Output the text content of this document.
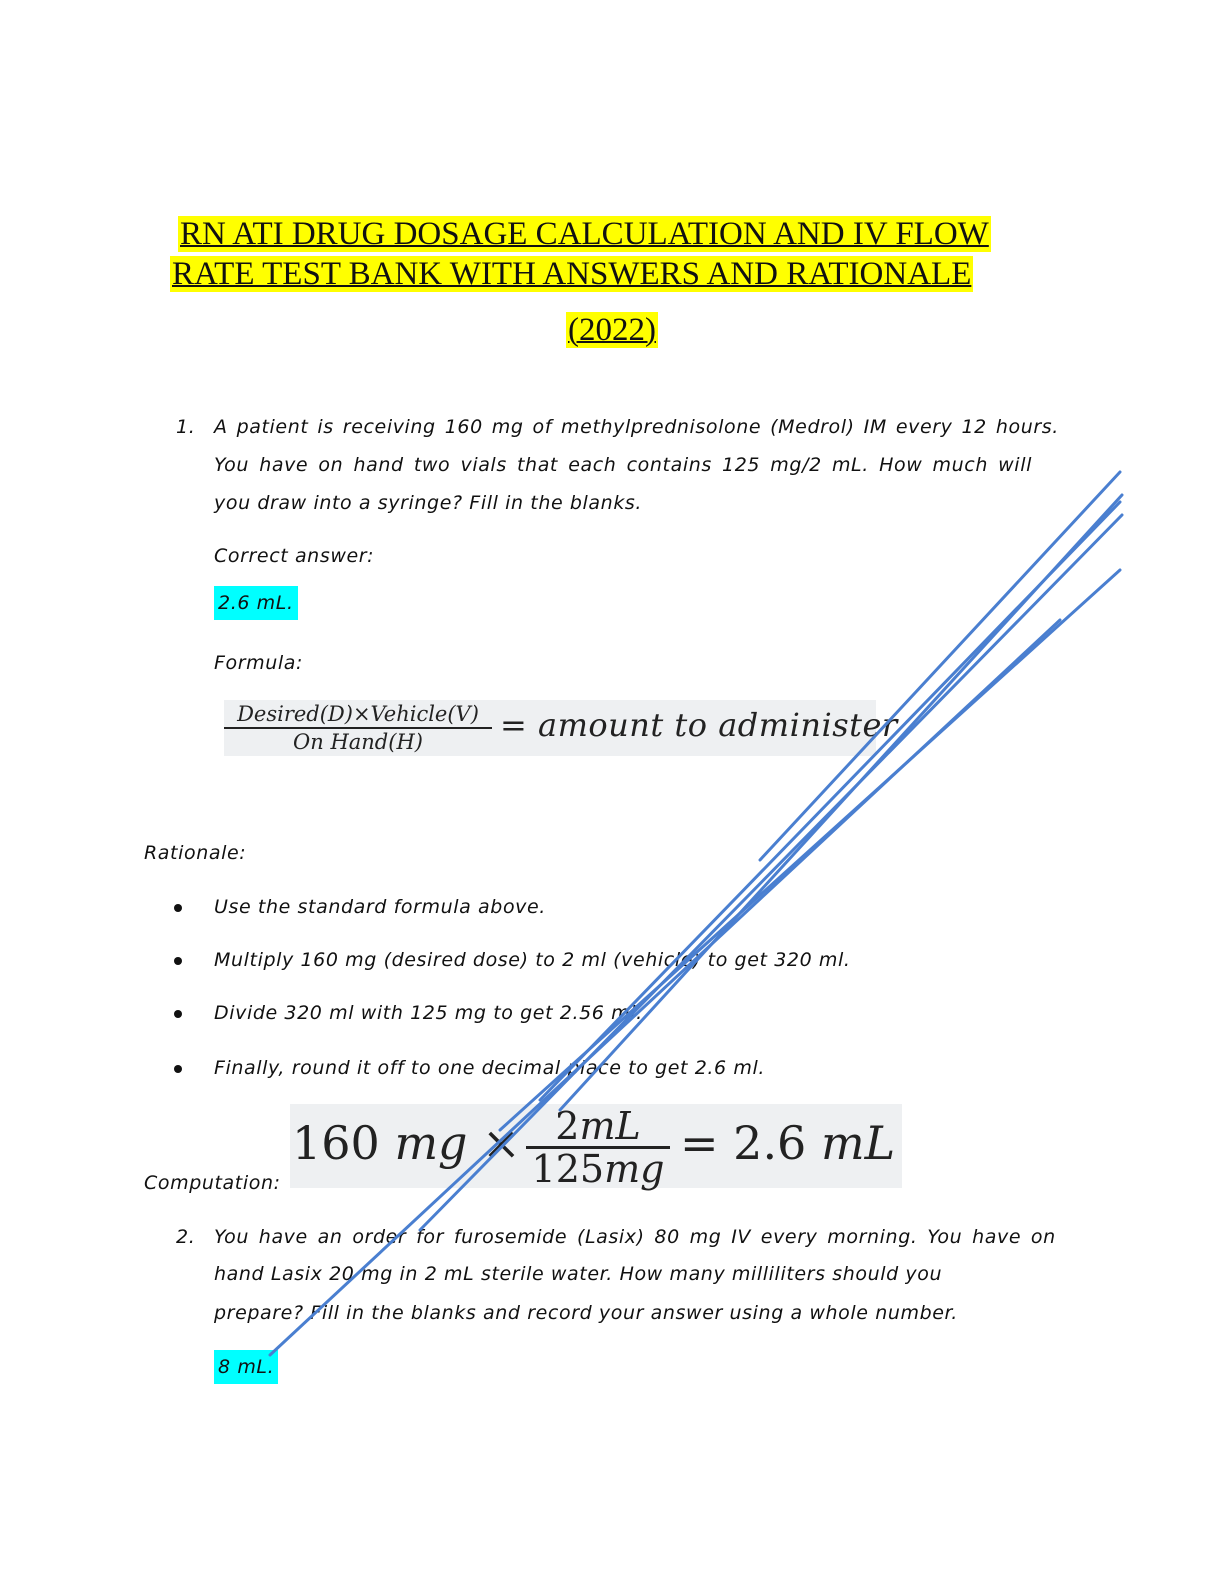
RN ATI DRUG DOSAGE CALCULATION AND IV FLOW
RATE TEST BANK WITH ANSWERS AND RATIONALE
(2022)
1. A patient is receiving 160 mg of methylprednisolone (Medrol) IM every 12 hours.
You have on hand two vials that each contains 125 mg/2 mL. How much will
you draw into a syringe? Fill in the blanks.
Correct answer:
2.6 mL.
Formula:
Desired(D)×Vehicle(V)
On Hand(H)	= amount to administer
Rationale:
Use the standard formula above.
Multiply 160 mg (desired dose) to 2 ml (vehicle) to get 320 ml.
Divide 320 ml with 125 mg to get 2.56 ml.
Finally, round it off to one decimal place to get 2.6 ml.
160 mg × 2mL
125mg = 2.6 mL
Computation:
2. You have an order for furosemide (Lasix) 80 mg IV every morning. You have on
hand Lasix 20 mg in 2 mL sterile water. How many milliliters should you
prepare? Fill in the blanks and record your answer using a whole number.
8 mL.
